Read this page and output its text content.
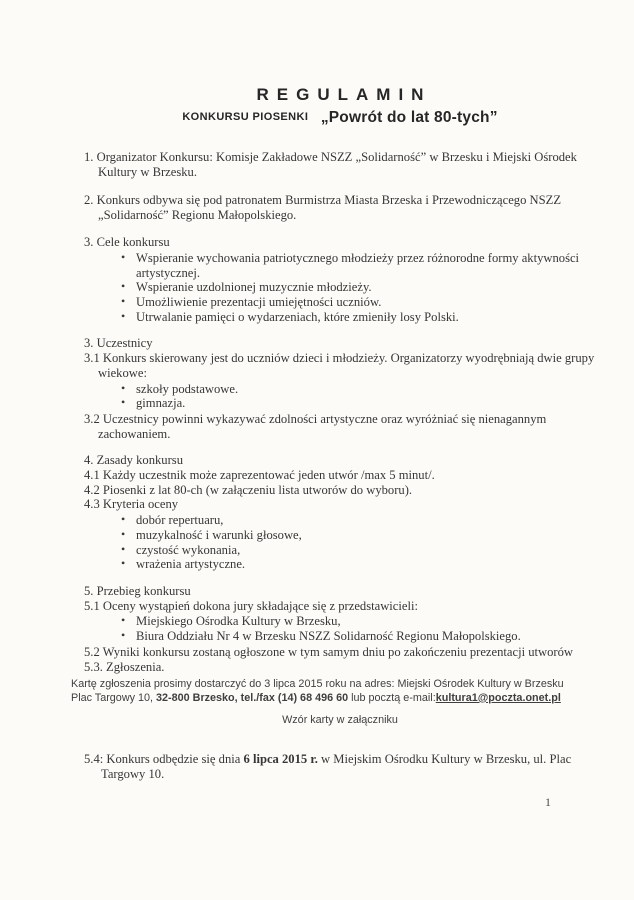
REGULAMIN
KONKURSU PIOSENKI „Powrót do lat 80-tych”

1. Organizator Konkursu: Komisje Zakładowe NSZZ „Solidarność” w Brzesku i Miejski Ośrodek Kultury w Brzesku.

2. Konkurs odbywa się pod patronatem Burmistrza Miasta Brzeska i Przewodniczącego NSZZ „Solidarność” Regionu Małopolskiego.

3. Cele konkursu

• Wspieranie wychowania patriotycznego młodzieży przez różnorodne formy aktywności artystycznej.
• Wspieranie uzdolnionej muzycznie młodzieży.
• Umożliwienie prezentacji umiejętności uczniów.
• Utrwalanie pamięci o wydarzeniach, które zmieniły losy Polski.

3. Uczestnicy

3.1 Konkurs skierowany jest do uczniów dzieci i młodzieży. Organizatorzy wyodrębniają dwie grupy wiekowe:

• szkoły podstawowe.
• gimnazja.

3.2 Uczestnicy powinni wykazywać zdolności artystyczne oraz wyróżniać się nienagannym zachowaniem.

4. Zasady konkursu

4.1 Każdy uczestnik może zaprezentować jeden utwór /max 5 minut/.

4.2 Piosenki z lat 80-ch (w załączeniu lista utworów do wyboru).

4.3 Kryteria oceny

• dobór repertuaru,
• muzykalność i warunki głosowe,
• czystość wykonania,
• wrażenia artystyczne.

5. Przebieg konkursu

5.1 Oceny wystąpień dokona jury składające się z przedstawicieli:

• Miejskiego Ośrodka Kultury w Brzesku,
• Biura Oddziału Nr 4 w Brzesku NSZZ Solidarność Regionu Małopolskiego.

5.2 Wyniki konkursu zostaną ogłoszone w tym samym dniu po zakończeniu prezentacji utworów

5.3. Zgłoszenia.

Kartę zgłoszenia prosimy dostarczyć do 3 lipca 2015 roku na adres: Miejski Ośrodek Kultury w Brzesku
Plac Targowy 10, 32-800 Brzesko, tel./fax (14) 68 496 60 lub pocztą e-mail:kultura1@poczta.onet.pl

Wzór karty w załączniku

5.4: Konkurs odbędzie się dnia 6 lipca 2015 r. w Miejskim Ośrodku Kultury w Brzesku, ul. Plac Targowy 10.

1
